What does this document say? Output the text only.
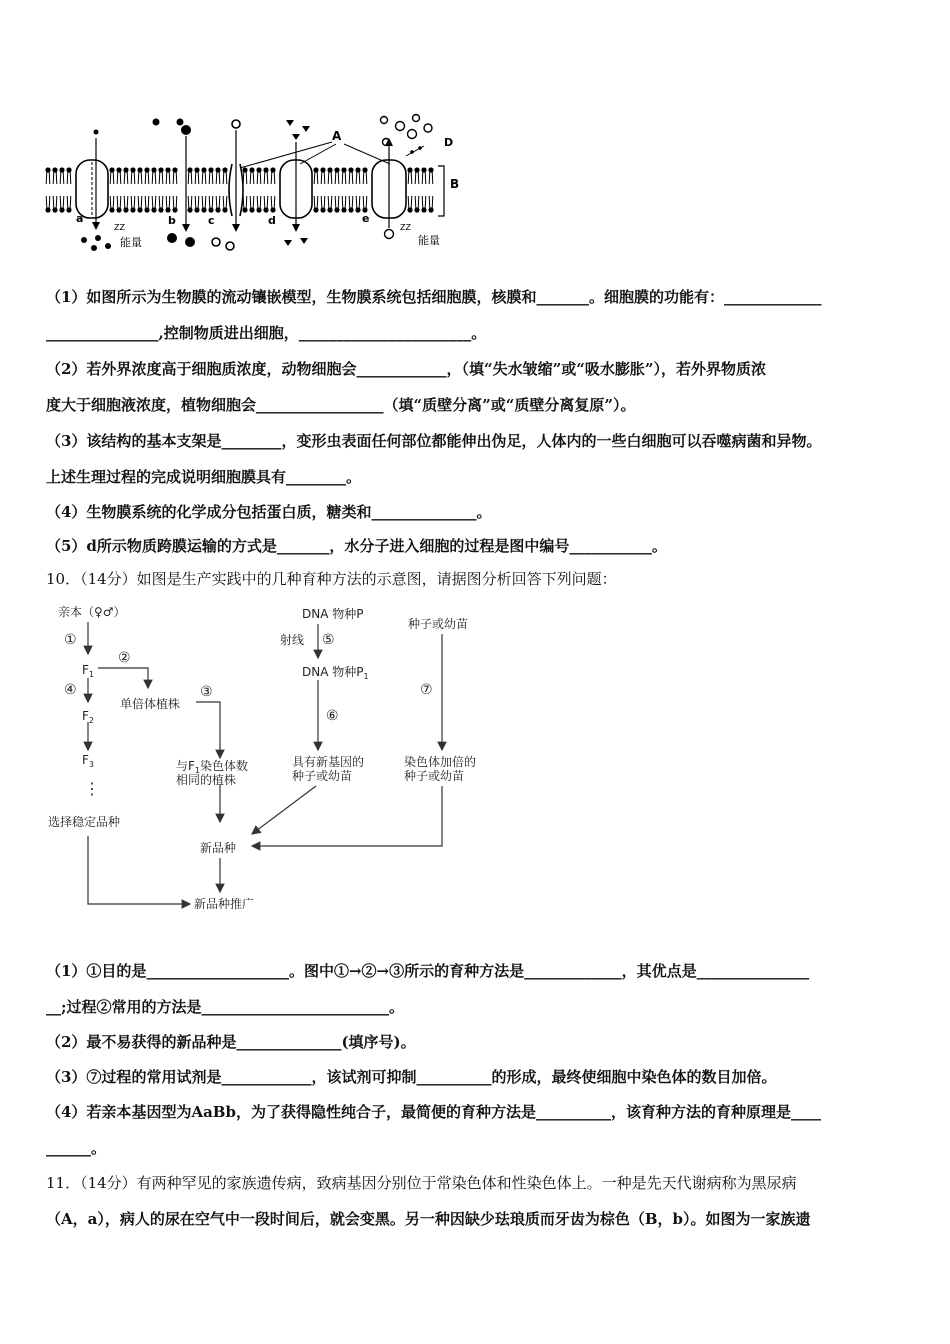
B
a
ZZ
能量
b	c	d
A
e
D
ZZ
能量
（1）如图所示为生物膜的流动镶嵌模型，生物膜系统包括细胞膜，核膜和_______。细胞膜的功能有：_____________
_______________,控制物质进出细胞，_______________________。
（2）若外界浓度高于细胞质浓度，动物细胞会____________，（填“失水皱缩”或“吸水膨胀”），若外界物质浓
度大于细胞液浓度，植物细胞会_________________（填“质壁分离”或“质壁分离复原”）。
（3）该结构的基本支架是________，变形虫表面任何部位都能伸出伪足，人体内的一些白细胞可以吞噬病菌和异物。
上述生理过程的完成说明细胞膜具有________。
（4）生物膜系统的化学成分包括蛋白质，糖类和______________。
（5）d所示物质跨膜运输的方式是_______，水分子进入细胞的过程是图中编号___________。
10．（14分）如图是生产实践中的几种育种方法的示意图，请据图分析回答下列问题：
亲本（♀♂）
①
$F_1$
②
单倍体植株
③
④
$F_2$
$F_3$
⋮
选择稳定品种
与$F_1$染色体数
相同的植株
新品种
新品种推广
DNA 物种P
射线 ⑤
DNA 物种$P_1$
⑥
具有新基因的
种子或幼苗
种子或幼苗
⑦
染色体加倍的
种子或幼苗
（1）①目的是___________________。图中①→②→③所示的育种方法是_____________，其优点是_______________
__;过程②常用的方法是_________________________。
（2）最不易获得的新品种是______________(填序号)。
（3）⑦过程的常用试剂是____________，该试剂可抑制__________的形成，最终使细胞中染色体的数目加倍。
（4）若亲本基因型为AaBb，为了获得隐性纯合子，最简便的育种方法是__________，该育种方法的育种原理是____
______。
11．（14分）有两种罕见的家族遗传病，致病基因分别位于常染色体和性染色体上。一种是先天代谢病称为黑尿病
（A，a），病人的尿在空气中一段时间后，就会变黑。另一种因缺少珐琅质而牙齿为棕色（B，b）。如图为一家族遗
